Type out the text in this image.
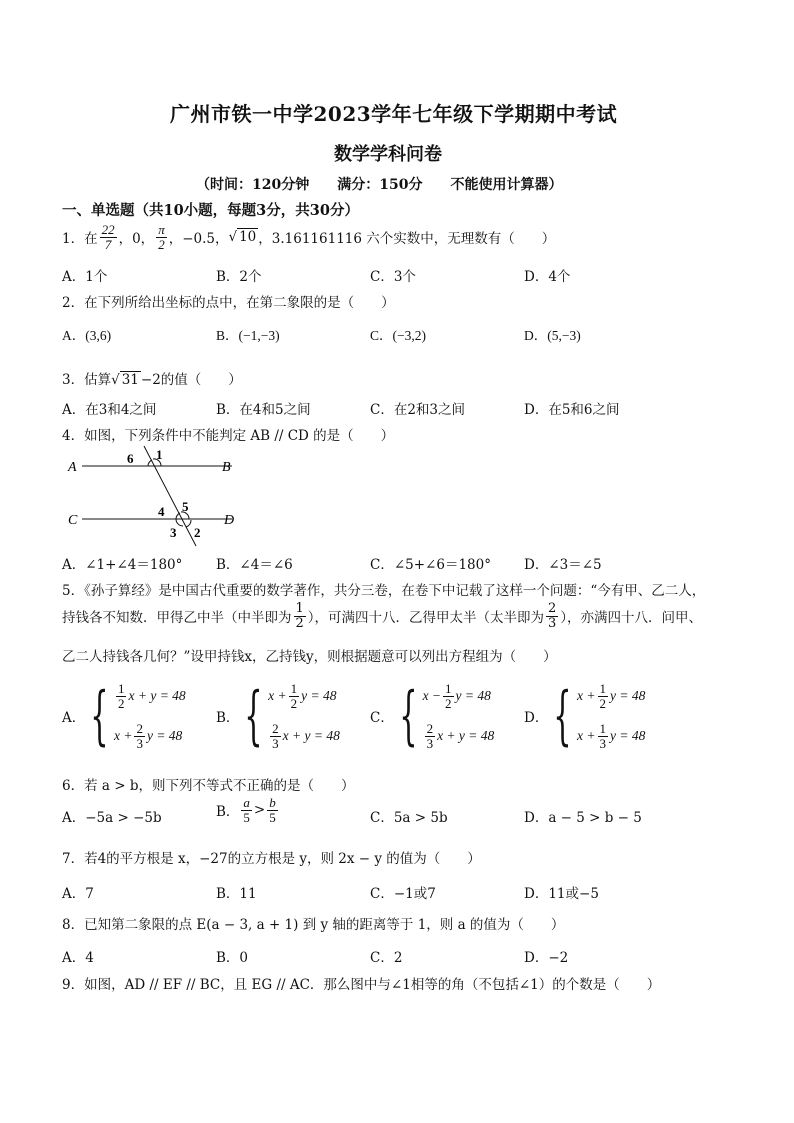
广州市铁一中学2023学年七年级下学期期中考试
数学学科问卷
（时间：120分钟　　满分：150分　　不能使用计算器）
一、单选题（共10小题，每题3分，共30分）
1．在 $\frac{22}{7}$ ，0， $\frac{\pi}{2}$ ，−0.5， √ 10 ，3.161161116 六个实数中，无理数有（　　）
A．1个	B．2个	C．3个	D．4个
2．在下列所给出坐标的点中，在第二象限的是（　　）
A．(3,6)	B．(−1,−3)	C．(−3,2)	D．(5,−3)
3．估算√ 31 −2的值（　　）
A．在3和4之间	B．在4和5之间	C．在2和3之间	D．在5和6之间
4．如图，下列条件中不能判定 AB // CD 的是（　　）
A	B
C	D
6 1
4 5
3 2
A．∠1+∠4＝180° B．∠4＝∠6	C．∠5+∠6＝180° D．∠3＝∠5
5．《孙子算经》是中国古代重要的数学著作，共分三卷，在卷下中记载了这样一个问题：“今有甲、乙二人，
持钱各不知数．甲得乙中半（中半即为 $\frac{1}{2}$ ），可满四十八．乙得甲太半（太半即为 $\frac{2}{3}$ ），亦满四十八．问甲、
乙二人持钱各几何？”设甲持钱x，乙持钱y，则根据题意可以列出方程组为（　　）
A． { $\frac{1}{2}$ x + y = 48
$x + \frac{2}{3}$ y = 48
B． { $x + \frac{1}{2}$ y = 48
$\frac{2}{3}$ x + y = 48
C． { $x - \frac{1}{2}$ y = 48
$\frac{2}{3}$ x + y = 48
D． { $x + \frac{1}{2}$ y = 48
$x + \frac{1}{3}$ y = 48
6．若 a > b，则下列不等式不正确的是（　　）
A．−5a > −5b	B． $\frac{a}{5} > \frac{b}{5}$	C．5a > 5b	D．a − 5 > b − 5
7．若4的平方根是 x，−27的立方根是 y，则 2x − y 的值为（　　）
A．7	B．11	C．−1或7	D．11或−5
8．已知第二象限的点 E(a − 3, a + 1) 到 y 轴的距离等于 1，则 a 的值为（　　）
A．4	B．0	C．2	D．−2
9．如图，AD // EF // BC，且 EG // AC．那么图中与∠1相等的角（不包括∠1）的个数是（　　）
